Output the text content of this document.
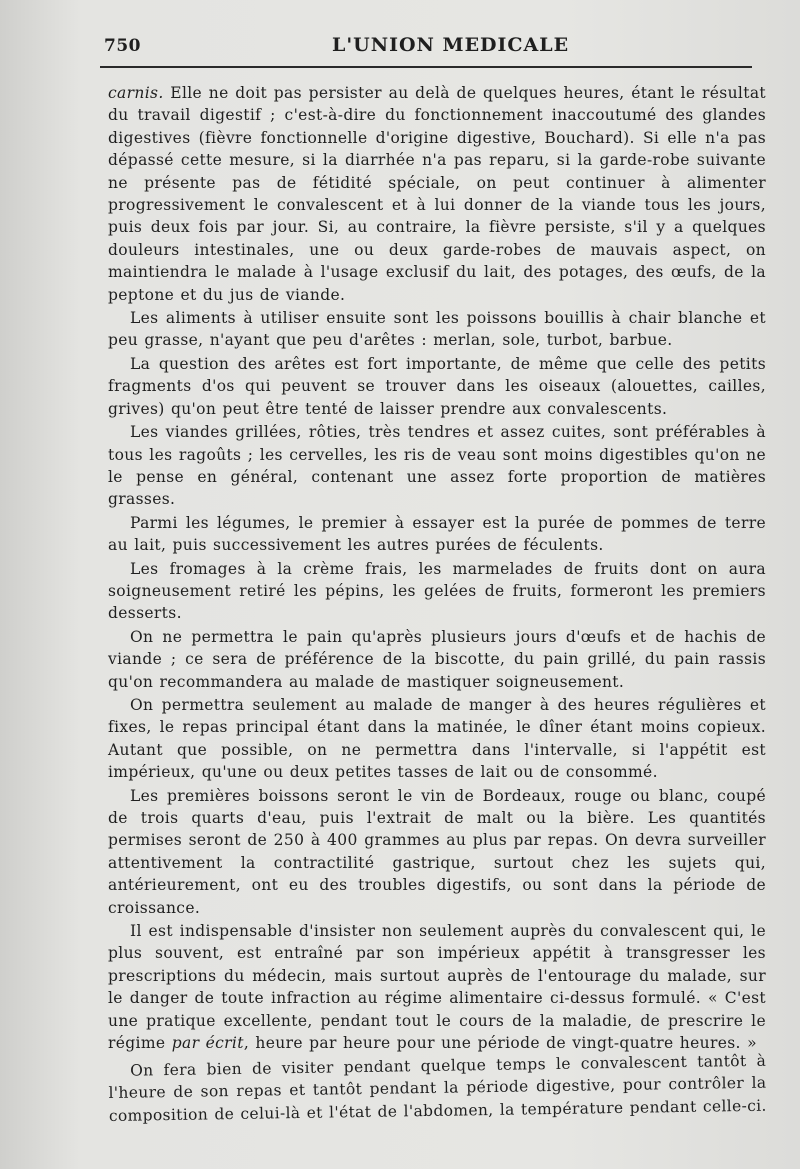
750	L'UNION MEDICALE

carnis. Elle ne doit pas persister au delà de quelques heures, étant le résultat du travail digestif ; c'est-à-dire du fonctionnement inaccoutumé des glandes digestives (fièvre fonctionnelle d'origine digestive, Bouchard). Si elle n'a pas dépassé cette mesure, si la diarrhée n'a pas reparu, si la garde-robe suivante ne présente pas de fétidité spéciale, on peut continuer à alimenter progressivement le convalescent et à lui donner de la viande tous les jours, puis deux fois par jour. Si, au contraire, la fièvre persiste, s'il y a quelques douleurs intestinales, une ou deux garde-robes de mauvais aspect, on maintiendra le malade à l'usage exclusif du lait, des potages, des œufs, de la peptone et du jus de viande.

Les aliments à utiliser ensuite sont les poissons bouillis à chair blanche et peu grasse, n'ayant que peu d'arêtes : merlan, sole, turbot, barbue.

La question des arêtes est fort importante, de même que celle des petits fragments d'os qui peuvent se trouver dans les oiseaux (alouettes, cailles, grives) qu'on peut être tenté de laisser prendre aux convalescents.

Les viandes grillées, rôties, très tendres et assez cuites, sont préférables à tous les ragoûts ; les cervelles, les ris de veau sont moins digestibles qu'on ne le pense en général, contenant une assez forte proportion de matières grasses.

Parmi les légumes, le premier à essayer est la purée de pommes de terre au lait, puis successivement les autres purées de féculents.

Les fromages à la crème frais, les marmelades de fruits dont on aura soigneusement retiré les pépins, les gelées de fruits, formeront les premiers desserts.

On ne permettra le pain qu'après plusieurs jours d'œufs et de hachis de viande ; ce sera de préférence de la biscotte, du pain grillé, du pain rassis qu'on recommandera au malade de mastiquer soigneusement.

On permettra seulement au malade de manger à des heures régulières et fixes, le repas principal étant dans la matinée, le dîner étant moins copieux. Autant que possible, on ne permettra dans l'intervalle, si l'appétit est impérieux, qu'une ou deux petites tasses de lait ou de consommé.

Les premières boissons seront le vin de Bordeaux, rouge ou blanc, coupé de trois quarts d'eau, puis l'extrait de malt ou la bière. Les quantités permises seront de 250 à 400 grammes au plus par repas. On devra surveiller attentivement la contractilité gastrique, surtout chez les sujets qui, antérieurement, ont eu des troubles digestifs, ou sont dans la période de croissance.

Il est indispensable d'insister non seulement auprès du convalescent qui, le plus souvent, est entraîné par son impérieux appétit à transgresser les prescriptions du médecin, mais surtout auprès de l'entourage du malade, sur le danger de toute infraction au régime alimentaire ci-dessus formulé. « C'est une pratique excellente, pendant tout le cours de la maladie, de prescrire le régime par écrit, heure par heure pour une période de vingt-quatre heures. »

On fera bien de visiter pendant quelque temps le convalescent tantôt à l'heure de son repas et tantôt pendant la période digestive, pour contrôler la composition de celui-là et l'état de l'abdomen, la température pendant celle-ci.
